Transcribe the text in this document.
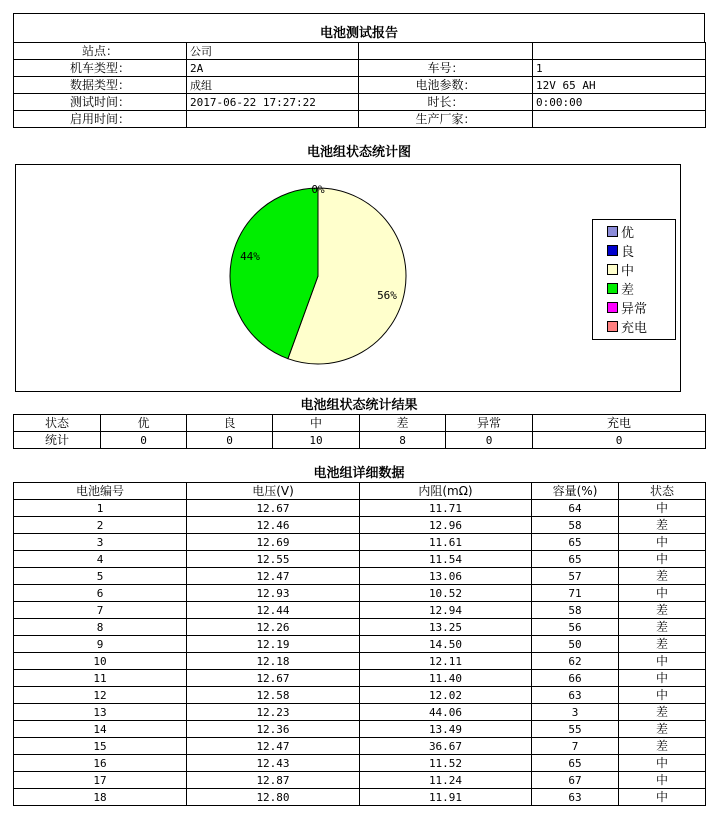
电池测试报告
站点：	公司		
机车类型：	2A	车号：	1
数据类型：	成组	电池参数：	12V 65 AH
测试时间：	2017-06-22 17:27:22	时长：	0:00:00
启用时间：		生产厂家：	
电池组状态统计图
0%
56%
44%
优
良
中
差
异常
充电
电池组状态统计结果
状态	优	良	中	差	异常	充电
统计	0	0	10	8	0	0

电池组详细数据
电池编号	电压(V)	内阻(mΩ)	容量(%)	状态
1	12.67	11.71	64	中
2	12.46	12.96	58	差
3	12.69	11.61	65	中
4	12.55	11.54	65	中
5	12.47	13.06	57	差
6	12.93	10.52	71	中
7	12.44	12.94	58	差
8	12.26	13.25	56	差
9	12.19	14.50	50	差
10	12.18	12.11	62	中
11	12.67	11.40	66	中
12	12.58	12.02	63	中
13	12.23	44.06	3	差
14	12.36	13.49	55	差
15	12.47	36.67	7	差
16	12.43	11.52	65	中
17	12.87	11.24	67	中
18	12.80	11.91	63	中
